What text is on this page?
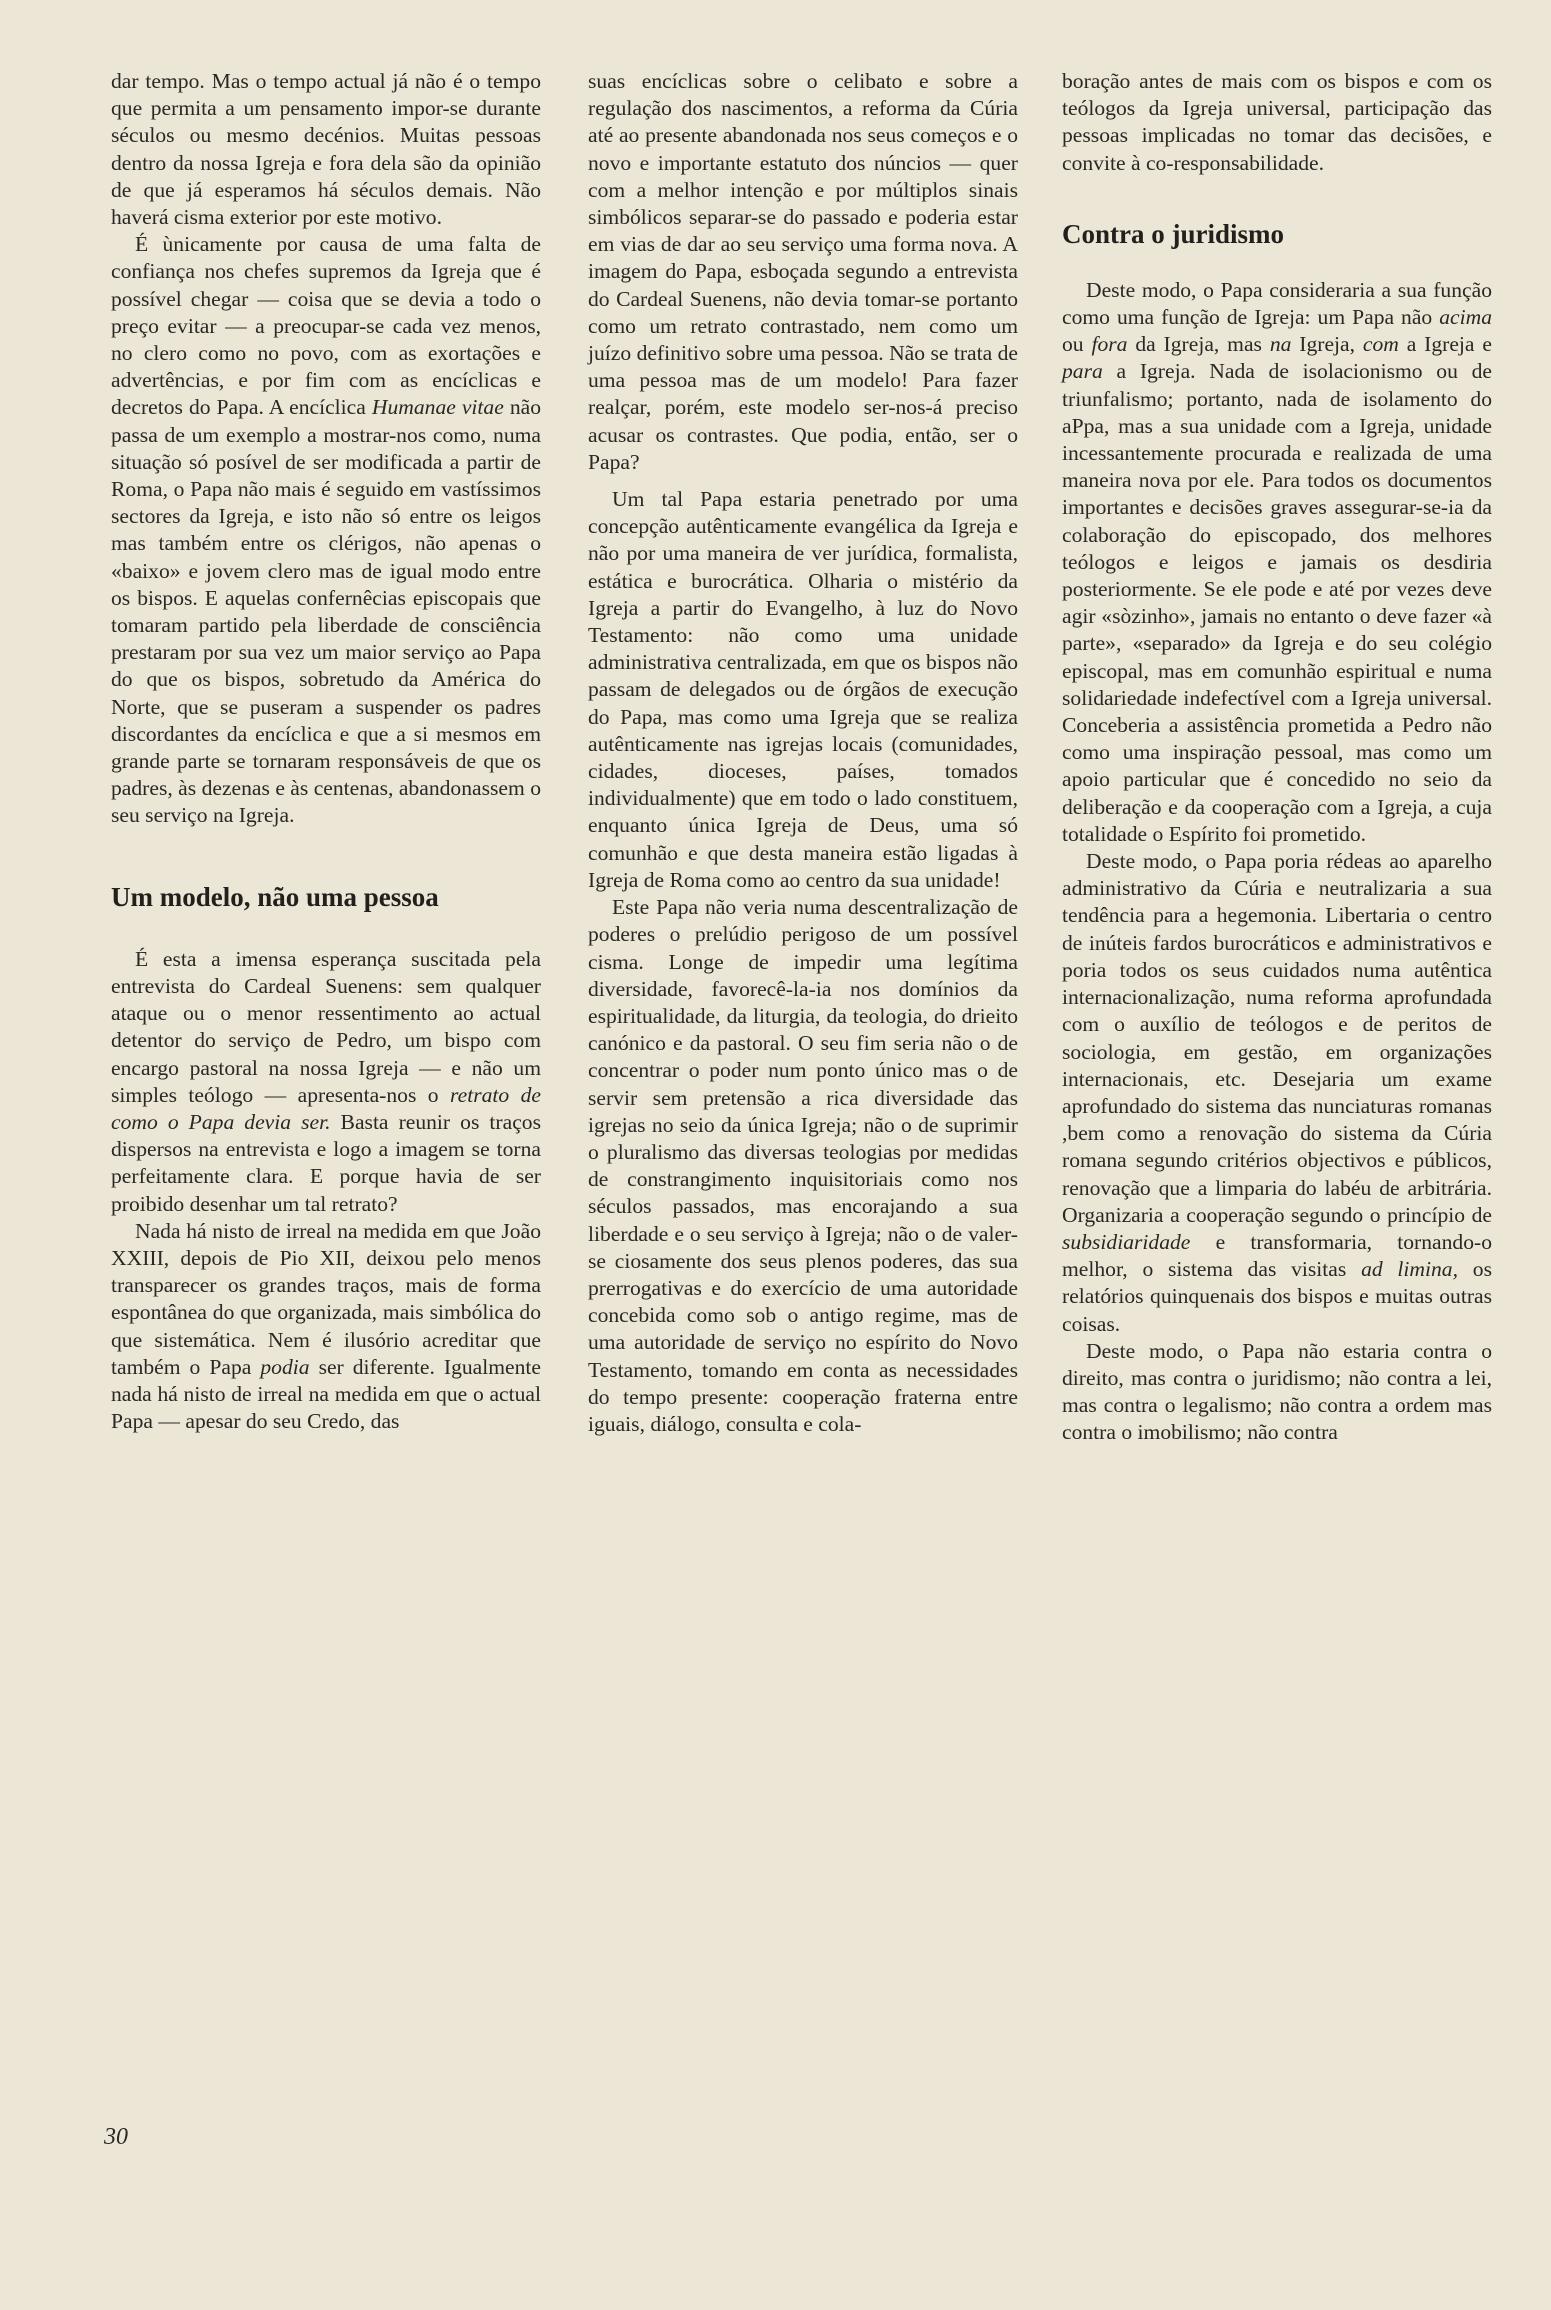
dar tempo. Mas o tempo actual já não é o tempo que permita a um pensamento impor-se durante séculos ou mesmo decénios. Muitas pessoas dentro da nossa Igreja e fora dela são da opinião de que já esperamos há séculos demais. Não haverá cisma exterior por este motivo.

É ùnicamente por causa de uma falta de confiança nos chefes supremos da Igreja que é possível chegar — coisa que se devia a todo o preço evitar — a preocupar-se cada vez menos, no clero como no povo, com as exortações e advertências, e por fim com as encíclicas e decretos do Papa. A encíclica Humanae vitae não passa de um exemplo a mostrar-nos como, numa situação só posível de ser modificada a partir de Roma, o Papa não mais é seguido em vastíssimos sectores da Igreja, e isto não só entre os leigos mas também entre os clérigos, não apenas o «baixo» e jovem clero mas de igual modo entre os bispos. E aquelas confernêcias episcopais que tomaram partido pela liberdade de consciência prestaram por sua vez um maior serviço ao Papa do que os bispos, sobretudo da América do Norte, que se puseram a suspender os padres discordantes da encíclica e que a si mesmos em grande parte se tornaram responsáveis de que os padres, às dezenas e às centenas, abandonassem o seu serviço na Igreja.

Um modelo, não uma pessoa

É esta a imensa esperança suscitada pela entrevista do Cardeal Suenens: sem qualquer ataque ou o menor ressentimento ao actual detentor do serviço de Pedro, um bispo com encargo pastoral na nossa Igreja — e não um simples teólogo — apresenta-nos o retrato de como o Papa devia ser. Basta reunir os traços dispersos na entrevista e logo a imagem se torna perfeitamente clara. E porque havia de ser proibido desenhar um tal retrato?

Nada há nisto de irreal na medida em que João XXIII, depois de Pio XII, deixou pelo menos transparecer os grandes traços, mais de forma espontânea do que organizada, mais simbólica do que sistemática. Nem é ilusório acreditar que também o Papa podia ser diferente. Igualmente nada há nisto de irreal na medida em que o actual Papa — apesar do seu Credo, das

suas encíclicas sobre o celibato e sobre a regulação dos nascimentos, a reforma da Cúria até ao presente abandonada nos seus começos e o novo e importante estatuto dos núncios — quer com a melhor intenção e por múltiplos sinais simbólicos separar-se do passado e poderia estar em vias de dar ao seu serviço uma forma nova. A imagem do Papa, esboçada segundo a entrevista do Cardeal Suenens, não devia tomar-se portanto como um retrato contrastado, nem como um juízo definitivo sobre uma pessoa. Não se trata de uma pessoa mas de um modelo! Para fazer realçar, porém, este modelo ser-nos-á preciso acusar os contrastes. Que podia, então, ser o Papa?

Um tal Papa estaria penetrado por uma concepção autênticamente evangélica da Igreja e não por uma maneira de ver jurídica, formalista, estática e burocrática. Olharia o mistério da Igreja a partir do Evangelho, à luz do Novo Testamento: não como uma unidade administrativa centralizada, em que os bispos não passam de delegados ou de órgãos de execução do Papa, mas como uma Igreja que se realiza autênticamente nas igrejas locais (comunidades, cidades, dioceses, países, tomados individualmente) que em todo o lado constituem, enquanto única Igreja de Deus, uma só comunhão e que desta maneira estão ligadas à Igreja de Roma como ao centro da sua unidade!

Este Papa não veria numa descentralização de poderes o prelúdio perigoso de um possível cisma. Longe de impedir uma legítima diversidade, favorecê-la-ia nos domínios da espiritualidade, da liturgia, da teologia, do drieito canónico e da pastoral. O seu fim seria não o de concentrar o poder num ponto único mas o de servir sem pretensão a rica diversidade das igrejas no seio da única Igreja; não o de suprimir o pluralismo das diversas teologias por medidas de constrangimento inquisitoriais como nos séculos passados, mas encorajando a sua liberdade e o seu serviço à Igreja; não o de valer-se ciosamente dos seus plenos poderes, das sua prerrogativas e do exercício de uma autoridade concebida como sob o antigo regime, mas de uma autoridade de serviço no espírito do Novo Testamento, tomando em conta as necessidades do tempo presente: cooperação fraterna entre iguais, diálogo, consulta e cola-

boração antes de mais com os bispos e com os teólogos da Igreja universal, participação das pessoas implicadas no tomar das decisões, e convite à co-responsabilidade.

Contra o juridismo

Deste modo, o Papa consideraria a sua função como uma função de Igreja: um Papa não acima ou fora da Igreja, mas na Igreja, com a Igreja e para a Igreja. Nada de isolacionismo ou de triunfalismo; portanto, nada de isolamento do aPpa, mas a sua unidade com a Igreja, unidade incessantemente procurada e realizada de uma maneira nova por ele. Para todos os documentos importantes e decisões graves assegurar-se-ia da colaboração do episcopado, dos melhores teólogos e leigos e jamais os desdiria posteriormente. Se ele pode e até por vezes deve agir «sòzinho», jamais no entanto o deve fazer «à parte», «separado» da Igreja e do seu colégio episcopal, mas em comunhão espiritual e numa solidariedade indefectível com a Igreja universal. Conceberia a assistência prometida a Pedro não como uma inspiração pessoal, mas como um apoio particular que é concedido no seio da deliberação e da cooperação com a Igreja, a cuja totalidade o Espírito foi prometido.

Deste modo, o Papa poria rédeas ao aparelho administrativo da Cúria e neutralizaria a sua tendência para a hegemonia. Libertaria o centro de inúteis fardos burocráticos e administrativos e poria todos os seus cuidados numa autêntica internacionalização, numa reforma aprofundada com o auxílio de teólogos e de peritos de sociologia, em gestão, em organizações internacionais, etc. Desejaria um exame aprofundado do sistema das nunciaturas romanas ,bem como a renovação do sistema da Cúria romana segundo critérios objectivos e públicos, renovação que a limparia do labéu de arbitrária. Organizaria a cooperação segundo o princípio de subsidiaridade e transformaria, tornando-o melhor, o sistema das visitas ad limina, os relatórios quinquenais dos bispos e muitas outras coisas.

Deste modo, o Papa não estaria contra o direito, mas contra o juridismo; não contra a lei, mas contra o legalismo; não contra a ordem mas contra o imobilismo; não contra

30
